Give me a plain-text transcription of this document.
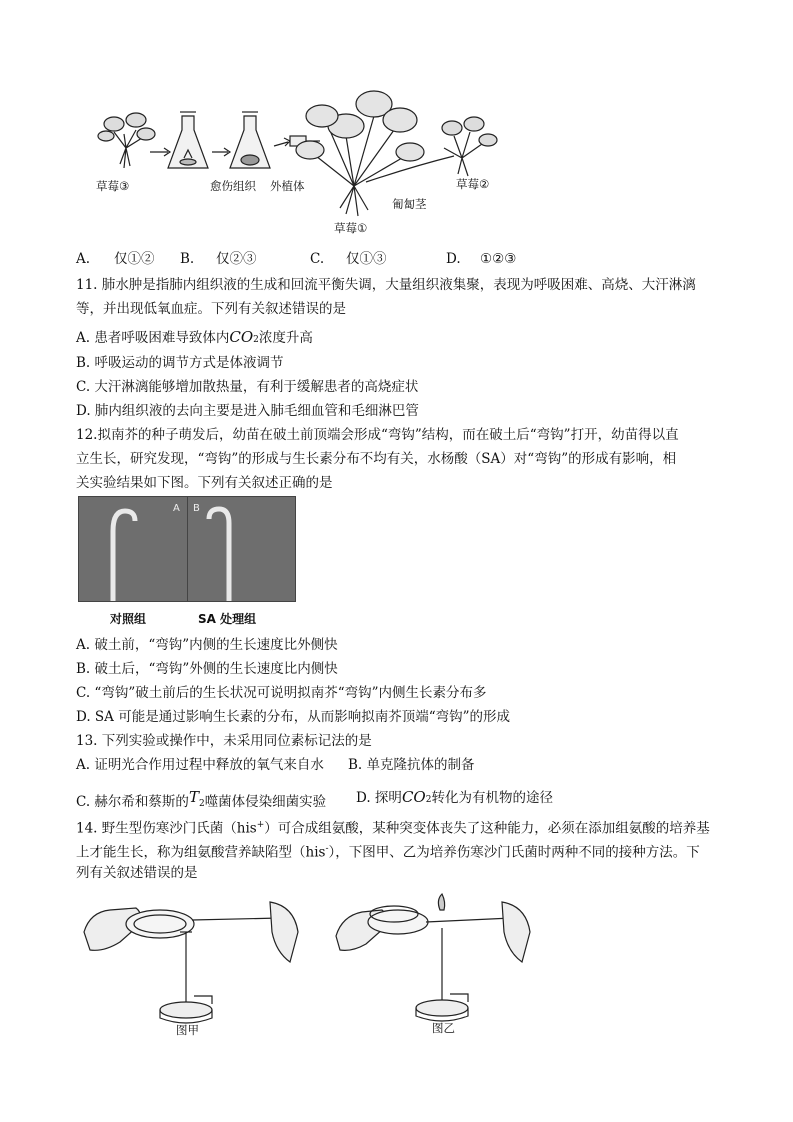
草莓③	愈伤组织 外植体	草莓②
匍匐茎
草莓①
A. 仅①② B. 仅②③	C. 仅①③	D. ①②③
11. 肺水肿是指肺内组织液的生成和回流平衡失调，大量组织液集聚，表现为呼吸困难、高烧、大汗淋漓
等，并出现低氧血症。下列有关叙述错误的是
A. 患者呼吸困难导致体内CO2浓度升高
B. 呼吸运动的调节方式是体液调节
C. 大汗淋漓能够增加散热量，有利于缓解患者的高烧症状
D. 肺内组织液的去向主要是进入肺毛细血管和毛细淋巴管
12.拟南芥的种子萌发后，幼苗在破土前顶端会形成“弯钩”结构，而在破土后“弯钩”打开，幼苗得以直
立生长，研究发现，“弯钩”的形成与生长素分布不均有关，水杨酸（SA）对“弯钩”的形成有影响，相
关实验结果如下图。下列有关叙述正确的是
A B
对照组	SA 处理组
A. 破土前，“弯钩”内侧的生长速度比外侧快
B. 破土后，“弯钩”外侧的生长速度比内侧快
C. “弯钩”破土前后的生长状况可说明拟南芥“弯钩”内侧生长素分布多
D. SA 可能是通过影响生长素的分布，从而影响拟南芥顶端“弯钩”的形成
13. 下列实验或操作中，未采用同位素标记法的是
A. 证明光合作用过程中释放的氧气来自水 B. 单克隆抗体的制备
C. 赫尔希和蔡斯的T2噬菌体侵染细菌实验 D. 探明CO2转化为有机物的途径
14. 野生型伤寒沙门氏菌（his+）可合成组氨酸，某种突变体丧失了这种能力，必须在添加组氨酸的培养基
上才能生长，称为组氨酸营养缺陷型（his-），下图甲、乙为培养伤寒沙门氏菌时两种不同的接种方法。下
列有关叙述错误的是
图甲	图乙
